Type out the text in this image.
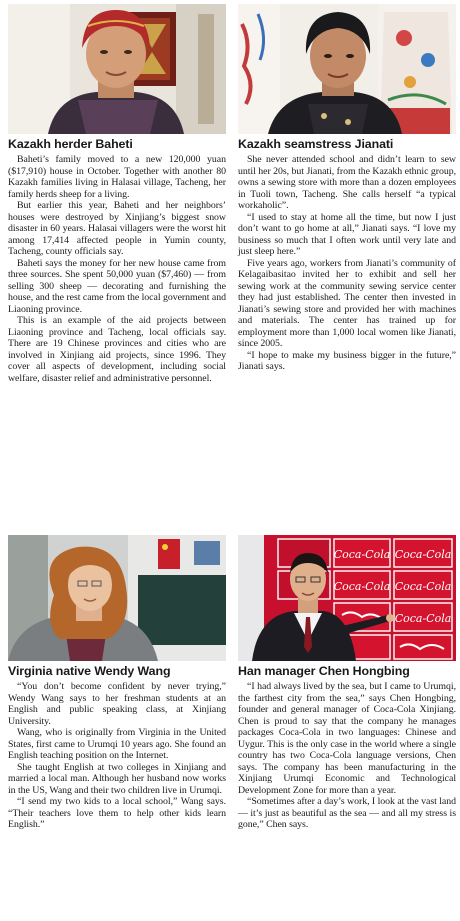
Kazakh herder Baheti

Baheti’s family moved to a new 120,000 yuan ($17,910) house in October. Together with another 80 Kazakh families living in Halasai village, Tacheng, her family herds sheep for a living.

But earlier this year, Baheti and her neighbors’ houses were destroyed by Xinjiang’s biggest snow disaster in 60 years. Halasai villagers were the worst hit among 17,414 affected people in Yumin county, Tacheng, county officials say.

Baheti says the money for her new house came from three sources. She spent 50,000 yuan ($7,460) — from selling 300 sheep — decorating and furnishing the house, and the rest came from the local government and Liaoning province.

This is an example of the aid projects between Liaoning province and Tacheng, local officials say. There are 19 Chinese provinces and cities who are involved in Xinjiang aid projects, since 1996. They cover all aspects of development, including social welfare, disaster relief and administrative personnel.

Kazakh seamstress Jianati

She never attended school and didn’t learn to sew until her 20s, but Jianati, from the Kazakh ethnic group, owns a sewing store with more than a dozen employees in Tuoli town, Tacheng. She calls herself “a typical workaholic”.

“I used to stay at home all the time, but now I just don’t want to go home at all,” Jianati says. “I love my business so much that I often work until very late and just sleep here.”

Five years ago, workers from Jianati’s community of Kelagaibasitao invited her to exhibit and sell her sewing work at the community sewing service center they had just established. The center then invested in Jianati’s sewing store and provided her with machines and materials. The center has trained up for employment more than 1,000 local women like Jianati, since 2005.

“I hope to make my business bigger in the future,” Jianati says.

Virginia native Wendy Wang

“You don’t become confident by never trying,” Wendy Wang says to her freshman students at an English and public speaking class, at Xinjiang University.

Wang, who is originally from Virginia in the United States, first came to Urumqi 10 years ago. She found an English teaching position on the Internet.

She taught English at two colleges in Xinjiang and married a local man. Although her husband now works in the US, Wang and their two children live in Urumqi.

“I send my two kids to a local school,” Wang says. “Their teachers love them to help other kids learn English.”

Coca-Cola Coca-Cola
Coca-Cola Coca-Cola
Coca-Cola
Han manager Chen Hongbing

“I had always lived by the sea, but I came to Urumqi, the farthest city from the sea,” says Chen Hongbing, founder and general manager of Coca-Cola Xinjiang. Chen is proud to say that the company he manages packages Coca-Cola in two languages: Chinese and Uygur. This is the only case in the world where a single country has two Coca-Cola language versions, Chen says. The company has been manufacturing in the Xinjiang Urumqi Economic and Technological Development Zone for more than a year.

“Sometimes after a day’s work, I look at the vast land — it’s just as beautiful as the sea — and all my stress is gone,” Chen says.
